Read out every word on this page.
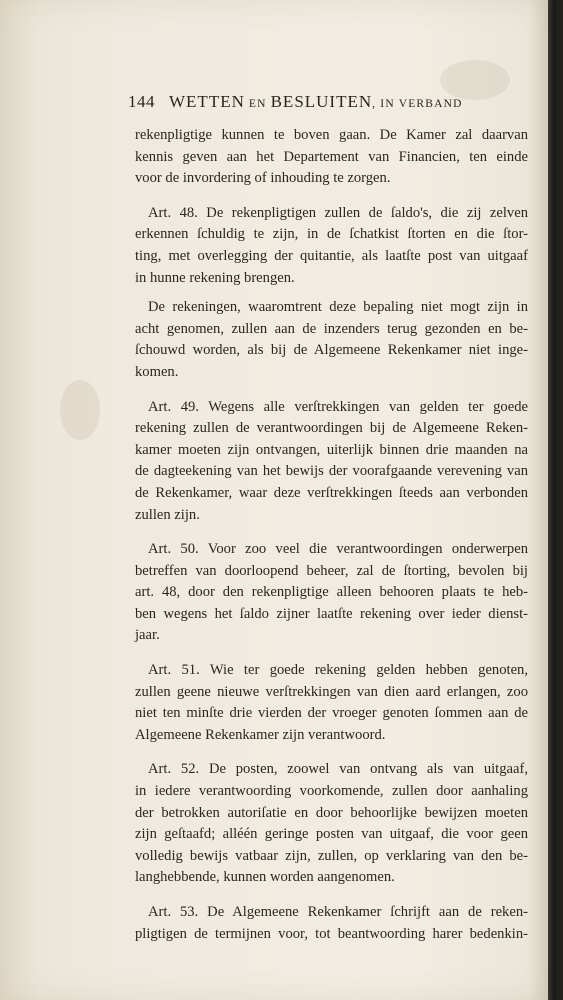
144 WETTEN EN BESLUITEN, IN VERBAND

rekenpligtige kunnen te boven gaan. De Kamer zal daarvan

kennis geven aan het Departement van Financien, ten einde

voor de invordering of inhouding te zorgen.

Art. 48. De rekenpligtigen zullen de ſaldo's, die zij zelven

erkennen ſchuldig te zijn, in de ſchatkist ſtorten en die ſtor-

ting, met overlegging der quitantie, als laatſte post van uitgaaf

in hunne rekening brengen.

De rekeningen, waaromtrent deze bepaling niet mogt zijn in

acht genomen, zullen aan de inzenders terug gezonden en be-

ſchouwd worden, als bij de Algemeene Rekenkamer niet inge-

komen.

Art. 49. Wegens alle verſtrekkingen van gelden ter goede

rekening zullen de verantwoordingen bij de Algemeene Reken-

kamer moeten zijn ontvangen, uiterlijk binnen drie maanden na

de dagteekening van het bewijs der voorafgaande verevening van

de Rekenkamer, waar deze verſtrekkingen ſteeds aan verbonden

zullen zijn.

Art. 50. Voor zoo veel die verantwoordingen onderwerpen

betreffen van doorloopend beheer, zal de ſtorting, bevolen bij

art. 48, door den rekenpligtige alleen behooren plaats te heb-

ben wegens het ſaldo zijner laatſte rekening over ieder dienst-

jaar.

Art. 51. Wie ter goede rekening gelden hebben genoten,

zullen geene nieuwe verſtrekkingen van dien aard erlangen, zoo

niet ten minſte drie vierden der vroeger genoten ſommen aan de

Algemeene Rekenkamer zijn verantwoord.

Art. 52. De posten, zoowel van ontvang als van uitgaaf,

in iedere verantwoording voorkomende, zullen door aanhaling

der betrokken autoriſatie en door behoorlijke bewijzen moeten

zijn geſtaafd; alléén geringe posten van uitgaaf, die voor geen

volledig bewijs vatbaar zijn, zullen, op verklaring van den be-

langhebbende, kunnen worden aangenomen.

Art. 53. De Algemeene Rekenkamer ſchrijft aan de reken-

pligtigen de termijnen voor, tot beantwoording harer bedenkin-
